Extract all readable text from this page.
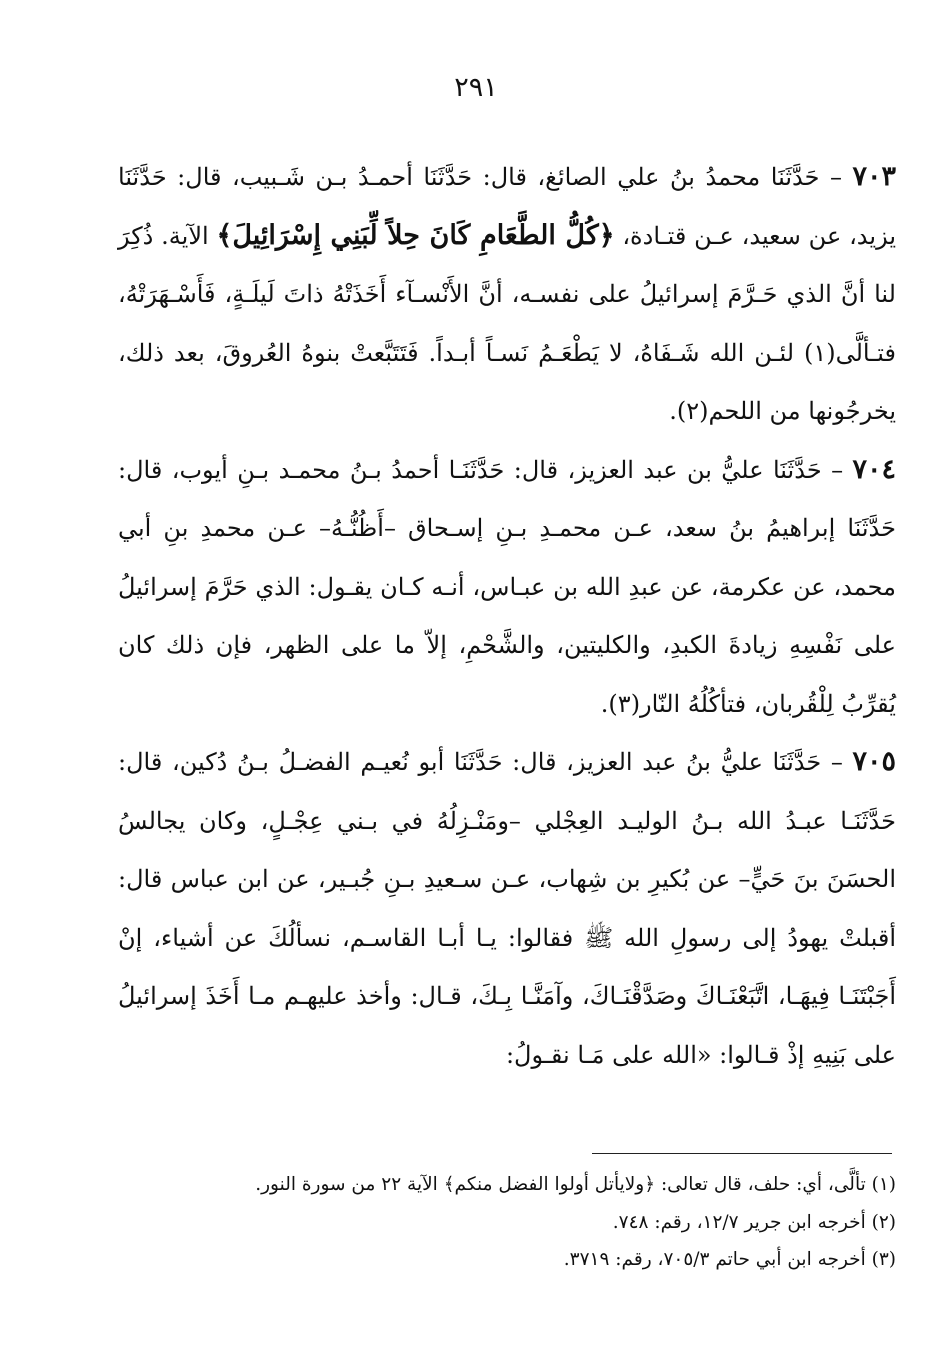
٢٩١

٧٠٣ – حَدَّثَنَا محمدُ بنُ علي الصائغ، قال: حَدَّثَنَا أحمـدُ بـن شَـبيب، قال: حَدَّثَنَا يزيد، عن سعيد، عـن قتـادة، ﴿كُلُّ الطَّعَامِ كَانَ حِلاً لِّبَنِي إِسْرَائِيلَ﴾ الآية. ذُكِرَ لنا أنَّ الذي حَـرَّمَ إسرائيلُ على نفسـه، أنَّ الأَنْسـآء أَخَذَتْهُ ذاتَ لَيلَـةٍ، فَأَسْـهَرَتْهُ، فتـألَّى(١) لئـن الله شَـفَاهُ، لا يَطْعَـمُ نَسـاً أبـداً. فَتَتَبَّعتْ بنوهُ العُروقَ، بعد ذلك، يخرجُونها من اللحم(٢).

٧٠٤ – حَدَّثَنَا عليُّ بن عبد العزيز، قال: حَدَّثَنَـا أحمدُ بـنُ محمـد بـنِ أيوب، قال: حَدَّثَنَا إبراهيمُ بنُ سعد، عـن محمـدِ بـنِ إسـحاق –أَظُنُّـهُ– عـن محمدِ بنِ أبي محمد، عن عكرمة، عن عبدِ الله بن عبـاس، أنـه كـان يقـول: الذي حَرَّمَ إسرائيلُ على نَفْسِهِ زيادةَ الكبدِ، والكليتين، والشَّحْمِ، إلاّ ما على الظهر، فإن ذلك كان يُقرِّبُ لِلْقُربان، فتأكُلُهُ النّار(٣).

٧٠٥ – حَدَّثَنَا عليُّ بنُ عبد العزيز، قال: حَدَّثَنَا أبو نُعيـم الفضـلُ بـنُ دُكين، قال: حَدَّثَنَـا عبـدُ الله بـنُ الوليـد العِجْلي –ومَنْـزِلُهُ في بـني عِجْـلٍ، وكان يجالسُ الحسَنَ بنَ حَيٍّ– عن بُكيرِ بن شِهاب، عـن سـعيدِ بـنِ جُبـير، عن ابن عباس قال: أقبلتْ يهودُ إلى رسولِ الله ﷺ فقالوا: يـا أبـا القاسـم، نسألُكَ عن أشياء، إنْ أَجَبْتَنَـا فِيهَـا، اتَّبَعْنَـاكَ وصَدَّقْنَـاكَ، وآمَنَّـا بِـكَ، قـال: وأخذ عليهـم مـا أَخَذَ إسرائيلُ على بَنِيهِ إذْ قـالوا: «الله على مَـا نقـولُ:

(١) تألَّى، أي: حلف، قال تعالى: ﴿ولايأتل أولوا الفضل منكم﴾ الآية ٢٢ من سورة النور.

(٢) أخرجه ابن جرير ١٢/٧، رقم: ٧٤٨.

(٣) أخرجه ابن أبي حاتم ٧٠٥/٣، رقم: ٣٧١٩.
